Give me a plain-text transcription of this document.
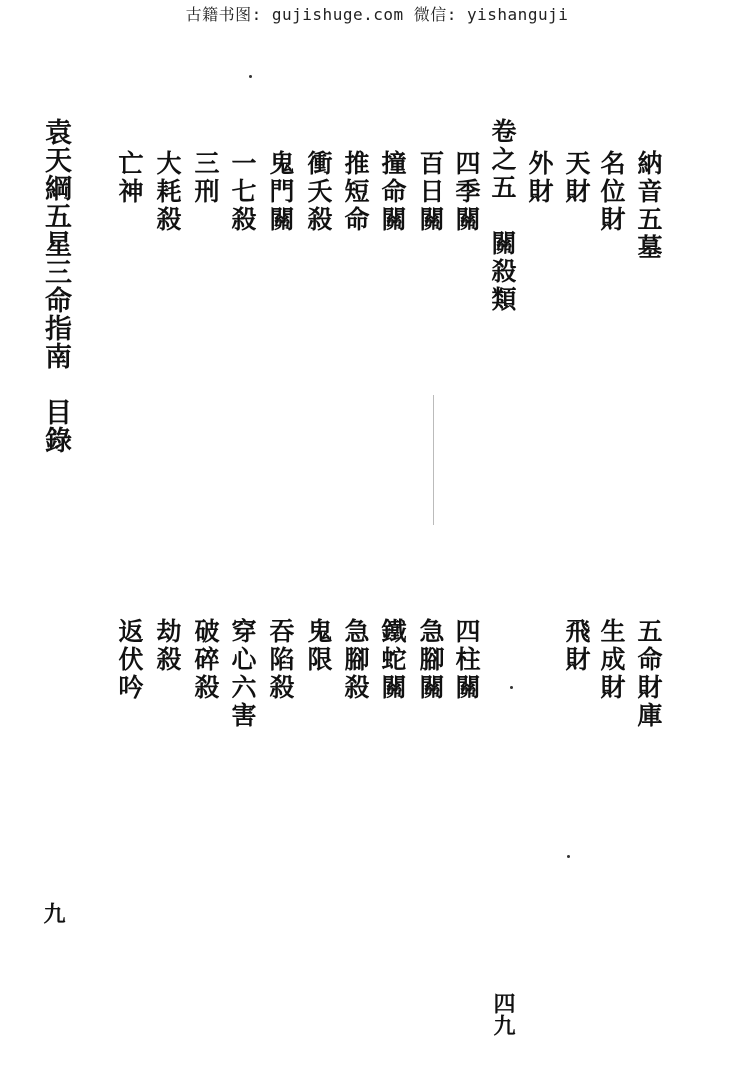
古籍书图: gujishuge.com 微信: yishanguji
袁天綱五星三命指南　目錄	納音五墓
名位財
天財
外財
卷之五　關殺類
四季關
百日關
撞命關
推短命
衝夭殺
鬼門關
一七殺
三刑
大耗殺
亡神
五命財庫
生成財
飛財
四柱關
急腳關
鐵蛇關
急腳殺
鬼限
吞陷殺
穿心六害
破碎殺
劫殺
返伏吟
九
四九
